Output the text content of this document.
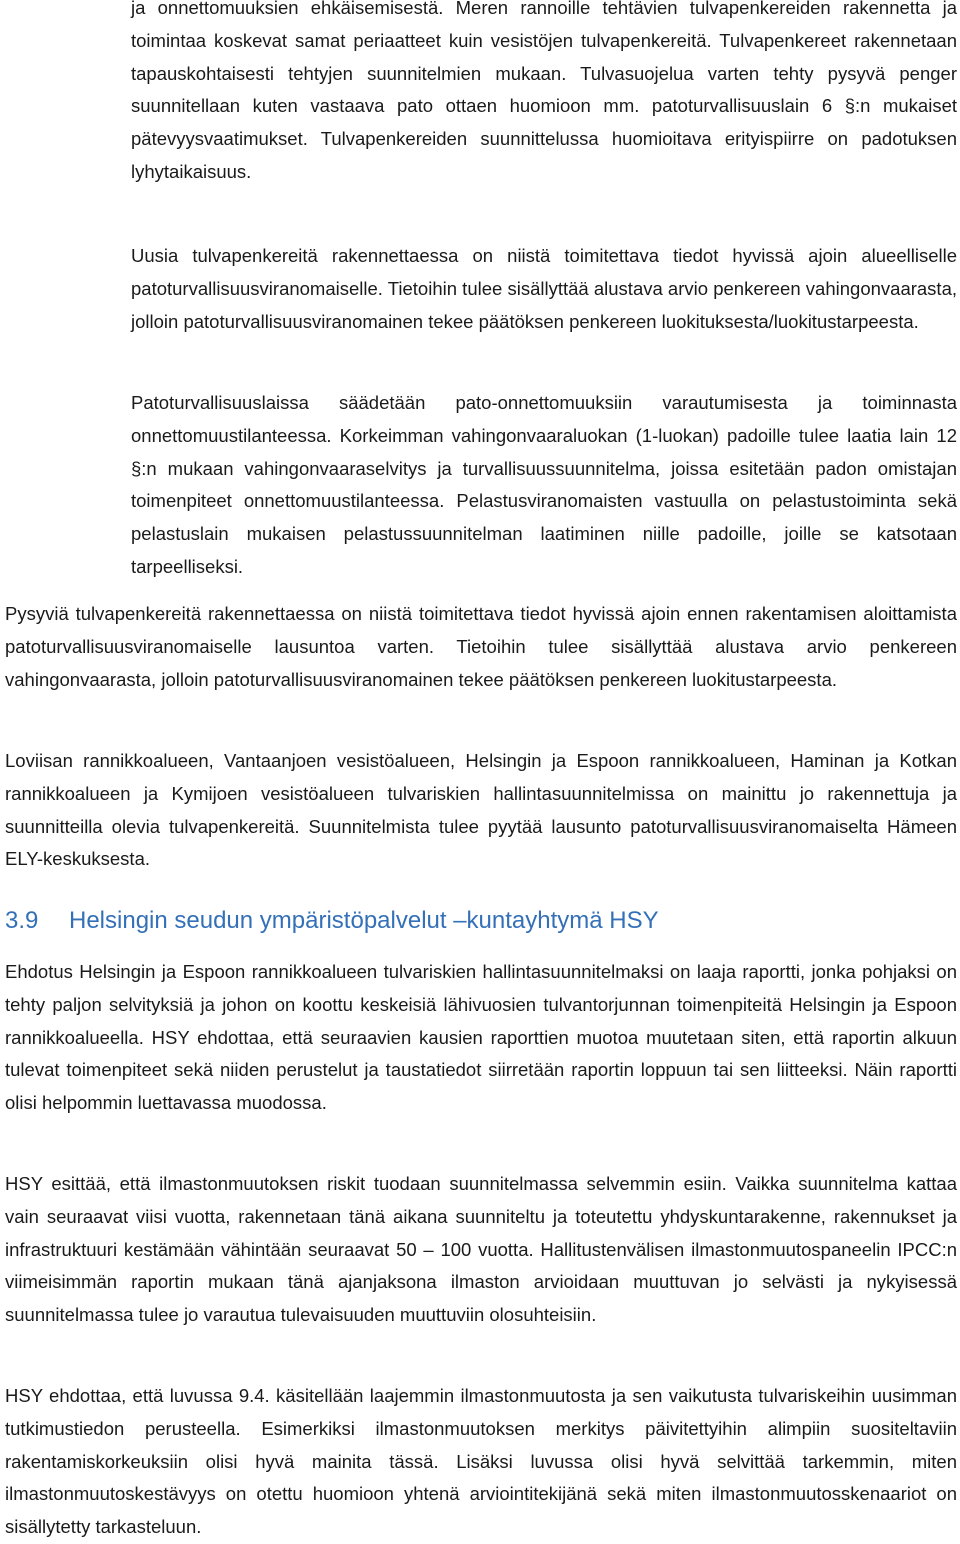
ja onnettomuuksien ehkäisemisestä. Meren rannoille tehtävien tulvapenkereiden rakennetta ja toimintaa koskevat samat periaatteet kuin vesistöjen tulvapenkereitä. Tulvapenkereet rakennetaan tapauskohtaisesti tehtyjen suunnitelmien mukaan. Tulvasuojelua varten tehty pysyvä penger suunnitellaan kuten vastaava pato ottaen huomioon mm. patoturvallisuuslain 6 §:n mukaiset pätevyysvaatimukset. Tulvapenkereiden suunnittelussa huomioitava erityispiirre on padotuksen lyhytaikaisuus.

Uusia tulvapenkereitä rakennettaessa on niistä toimitettava tiedot hyvissä ajoin alueelliselle patoturvallisuusviranomaiselle. Tietoihin tulee sisällyttää alustava arvio penkereen vahingonvaarasta, jolloin patoturvallisuusviranomainen tekee päätöksen penkereen luokituksesta/luokitustarpeesta.

Patoturvallisuuslaissa säädetään pato-onnettomuuksiin varautumisesta ja toiminnasta onnettomuustilanteessa. Korkeimman vahingonvaaraluokan (1-luokan) padoille tulee laatia lain 12 §:n mukaan vahingonvaaraselvitys ja turvallisuussuunnitelma, joissa esitetään padon omistajan toimenpiteet onnettomuustilanteessa. Pelastusviranomaisten vastuulla on pelastustoiminta sekä pelastuslain mukaisen pelastussuunnitelman laatiminen niille padoille, joille se katsotaan tarpeelliseksi.

Pysyviä tulvapenkereitä rakennettaessa on niistä toimitettava tiedot hyvissä ajoin ennen rakentamisen aloittamista patoturvallisuusviranomaiselle lausuntoa varten. Tietoihin tulee sisällyttää alustava arvio penkereen vahingonvaarasta, jolloin patoturvallisuusviranomainen tekee päätöksen penkereen luokitustarpeesta.

Loviisan rannikkoalueen, Vantaanjoen vesistöalueen, Helsingin ja Espoon rannikkoalueen, Haminan ja Kotkan rannikkoalueen ja Kymijoen vesistöalueen tulvariskien hallintasuunnitelmissa on mainittu jo rakennettuja ja suunnitteilla olevia tulvapenkereitä. Suunnitelmista tulee pyytää lausunto patoturvallisuusviranomaiselta Hämeen ELY-keskuksesta.

3.9 Helsingin seudun ympäristöpalvelut –kuntayhtymä HSY

Ehdotus Helsingin ja Espoon rannikkoalueen tulvariskien hallintasuunnitelmaksi on laaja raportti, jonka pohjaksi on tehty paljon selvityksiä ja johon on koottu keskeisiä lähivuosien tulvantorjunnan toimenpiteitä Helsingin ja Espoon rannikkoalueella. HSY ehdottaa, että seuraavien kausien raporttien muotoa muutetaan siten, että raportin alkuun tulevat toimenpiteet sekä niiden perustelut ja taustatiedot siirretään raportin loppuun tai sen liitteeksi. Näin raportti olisi helpommin luettavassa muodossa.

HSY esittää, että ilmastonmuutoksen riskit tuodaan suunnitelmassa selvemmin esiin. Vaikka suunnitelma kattaa vain seuraavat viisi vuotta, rakennetaan tänä aikana suunniteltu ja toteutettu yhdyskuntarakenne, rakennukset ja infrastruktuuri kestämään vähintään seuraavat 50 – 100 vuotta. Hallitustenvälisen ilmastonmuutospaneelin IPCC:n viimeisimmän raportin mukaan tänä ajanjaksona ilmaston arvioidaan muuttuvan jo selvästi ja nykyisessä suunnitelmassa tulee jo varautua tulevaisuuden muuttuviin olosuhteisiin.

HSY ehdottaa, että luvussa 9.4. käsitellään laajemmin ilmastonmuutosta ja sen vaikutusta tulvariskeihin uusimman tutkimustiedon perusteella. Esimerkiksi ilmastonmuutoksen merkitys päivitettyihin alimpiin suositeltaviin rakentamiskorkeuksiin olisi hyvä mainita tässä. Lisäksi luvussa olisi hyvä selvittää tarkemmin, miten ilmastonmuutoskestävyys on otettu huomioon yhtenä arviointitekijänä sekä miten ilmastonmuutosskenaariot on sisällytetty tarkasteluun.
